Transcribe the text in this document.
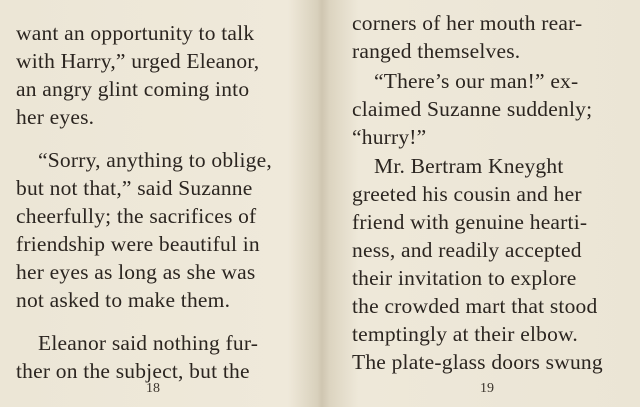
want an opportunity to talk
with Harry,” urged Eleanor,
an angry glint coming into
her eyes.
“Sorry, anything to oblige,
but not that,” said Suzanne
cheerfully; the sacrifices of
friendship were beautiful in
her eyes as long as she was
not asked to make them.
Eleanor said nothing fur-
ther on the subject, but the
18
corners of her mouth rear-
ranged themselves.
“There’s our man!” ex-
claimed Suzanne suddenly;
“hurry!”
Mr. Bertram Kneyght
greeted his cousin and her
friend with genuine hearti-
ness, and readily accepted
their invitation to explore
the crowded mart that stood
temptingly at their elbow.
The plate-glass doors swung
19
